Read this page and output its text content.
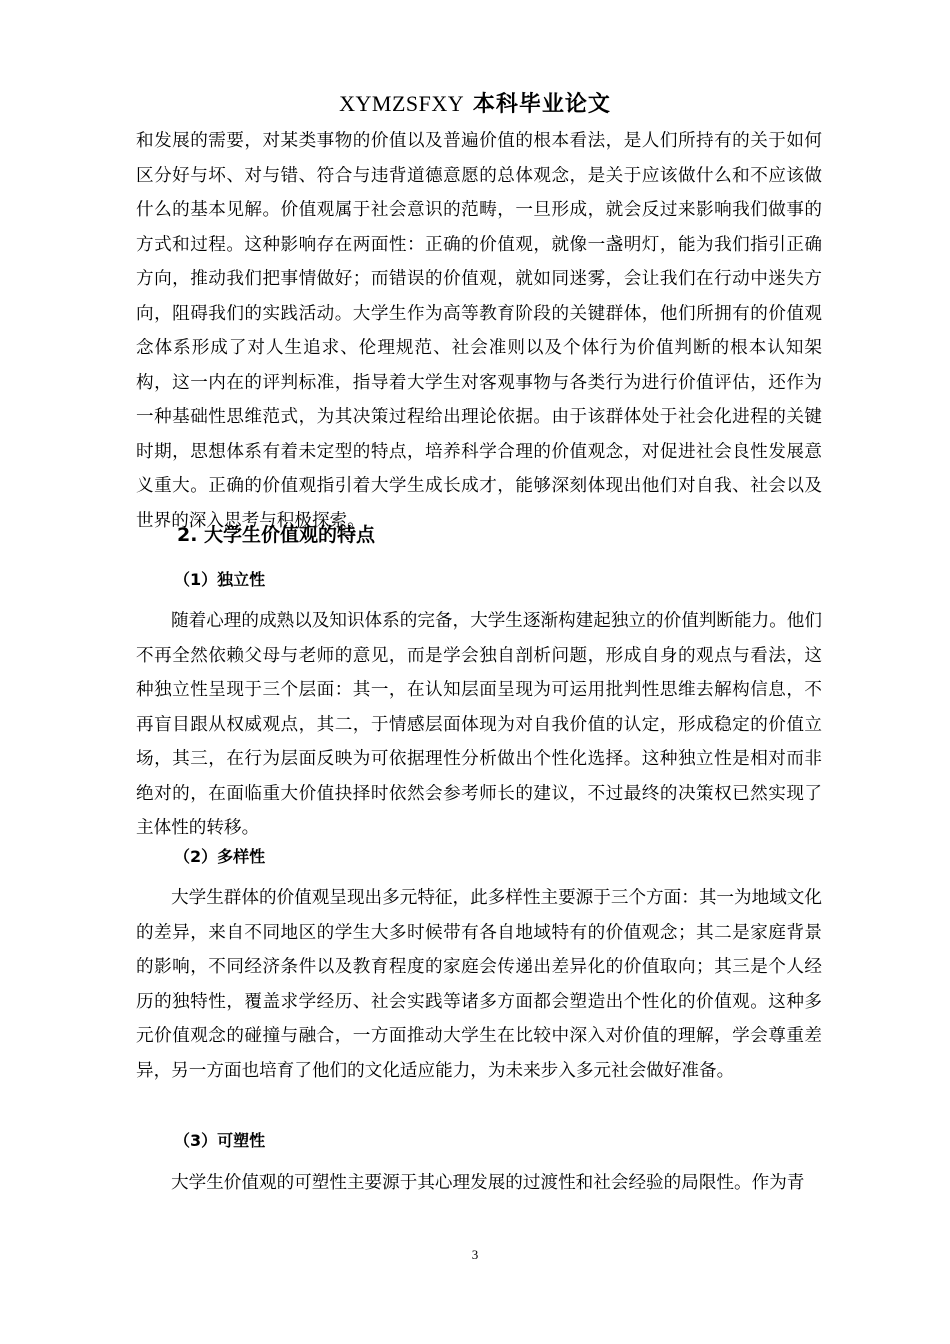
XYMZSFXY 本科毕业论文

和发展的需要，对某类事物的价值以及普遍价值的根本看法，是人们所持有的关于如何区分好与坏、对与错、符合与违背道德意愿的总体观念，是关于应该做什么和不应该做什么的基本见解。价值观属于社会意识的范畴，一旦形成，就会反过来影响我们做事的方式和过程。这种影响存在两面性：正确的价值观，就像一盏明灯，能为我们指引正确方向，推动我们把事情做好；而错误的价值观，就如同迷雾，会让我们在行动中迷失方向，阻碍我们的实践活动。大学生作为高等教育阶段的关键群体，他们所拥有的价值观念体系形成了对人生追求、伦理规范、社会准则以及个体行为价值判断的根本认知架构，这一内在的评判标准，指导着大学生对客观事物与各类行为进行价值评估，还作为一种基础性思维范式，为其决策过程给出理论依据。由于该群体处于社会化进程的关键时期，思想体系有着未定型的特点，培养科学合理的价值观念，对促进社会良性发展意义重大。正确的价值观指引着大学生成长成才，能够深刻体现出他们对自我、社会以及世界的深入思考与积极探索。

2. 大学生价值观的特点
（1）独立性

随着心理的成熟以及知识体系的完备，大学生逐渐构建起独立的价值判断能力。他们不再全然依赖父母与老师的意见，而是学会独自剖析问题，形成自身的观点与看法，这种独立性呈现于三个层面：其一，在认知层面呈现为可运用批判性思维去解构信息，不再盲目跟从权威观点，其二，于情感层面体现为对自我价值的认定，形成稳定的价值立场，其三，在行为层面反映为可依据理性分析做出个性化选择。这种独立性是相对而非绝对的，在面临重大价值抉择时依然会参考师长的建议，不过最终的决策权已然实现了主体性的转移。

（2）多样性

大学生群体的价值观呈现出多元特征，此多样性主要源于三个方面：其一为地域文化的差异，来自不同地区的学生大多时候带有各自地域特有的价值观念；其二是家庭背景的影响，不同经济条件以及教育程度的家庭会传递出差异化的价值取向；其三是个人经历的独特性，覆盖求学经历、社会实践等诸多方面都会塑造出个性化的价值观。这种多元价值观念的碰撞与融合，一方面推动大学生在比较中深入对价值的理解，学会尊重差异，另一方面也培育了他们的文化适应能力，为未来步入多元社会做好准备。

（3）可塑性

大学生价值观的可塑性主要源于其心理发展的过渡性和社会经验的局限性。作为青

3
